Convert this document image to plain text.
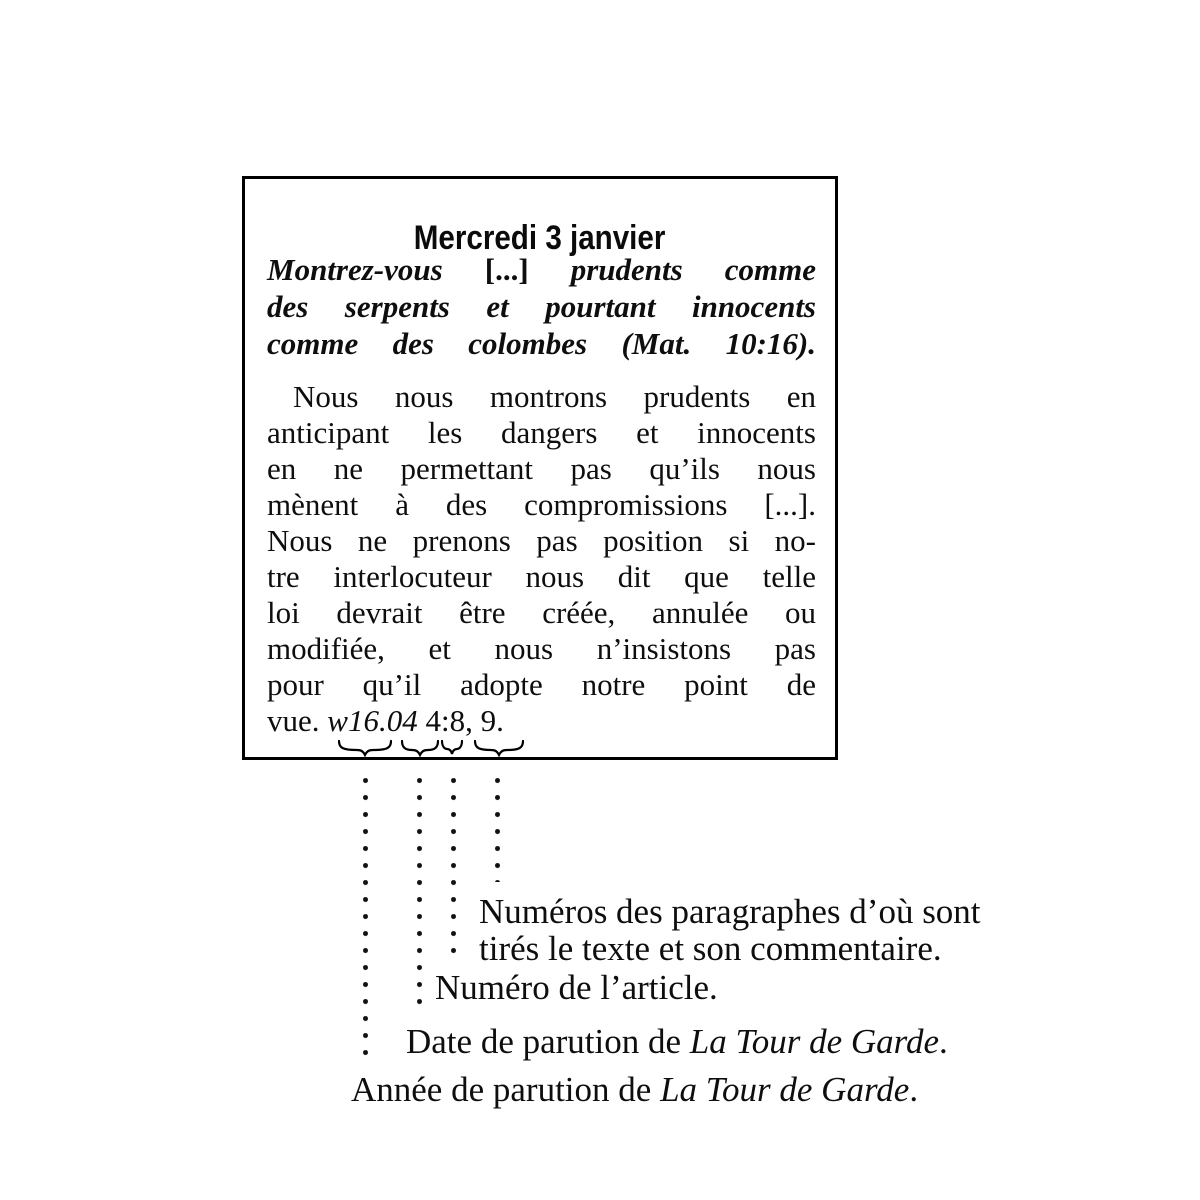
Mercredi 3 janvier
Montrez-vous [...] prudents comme
des serpents et pourtant innocents
comme des colombes (Mat. 10:16).
Nous nous montrons prudents en
anticipant les dangers et innocents
en ne permettant pas qu’ils nous
mènent à des compromissions [...].
Nous ne prenons pas position si no-
tre interlocuteur nous dit que telle
loi devrait être créée, annulée ou
modifiée, et nous n’insistons pas
pour qu’il adopte notre point de
vue. w16.04 4:8, 9.
Numéros des paragraphes d’où sont
tirés le texte et son commentaire.
Numéro de l’article.
Date de parution de La Tour de Garde.
Année de parution de La Tour de Garde.
